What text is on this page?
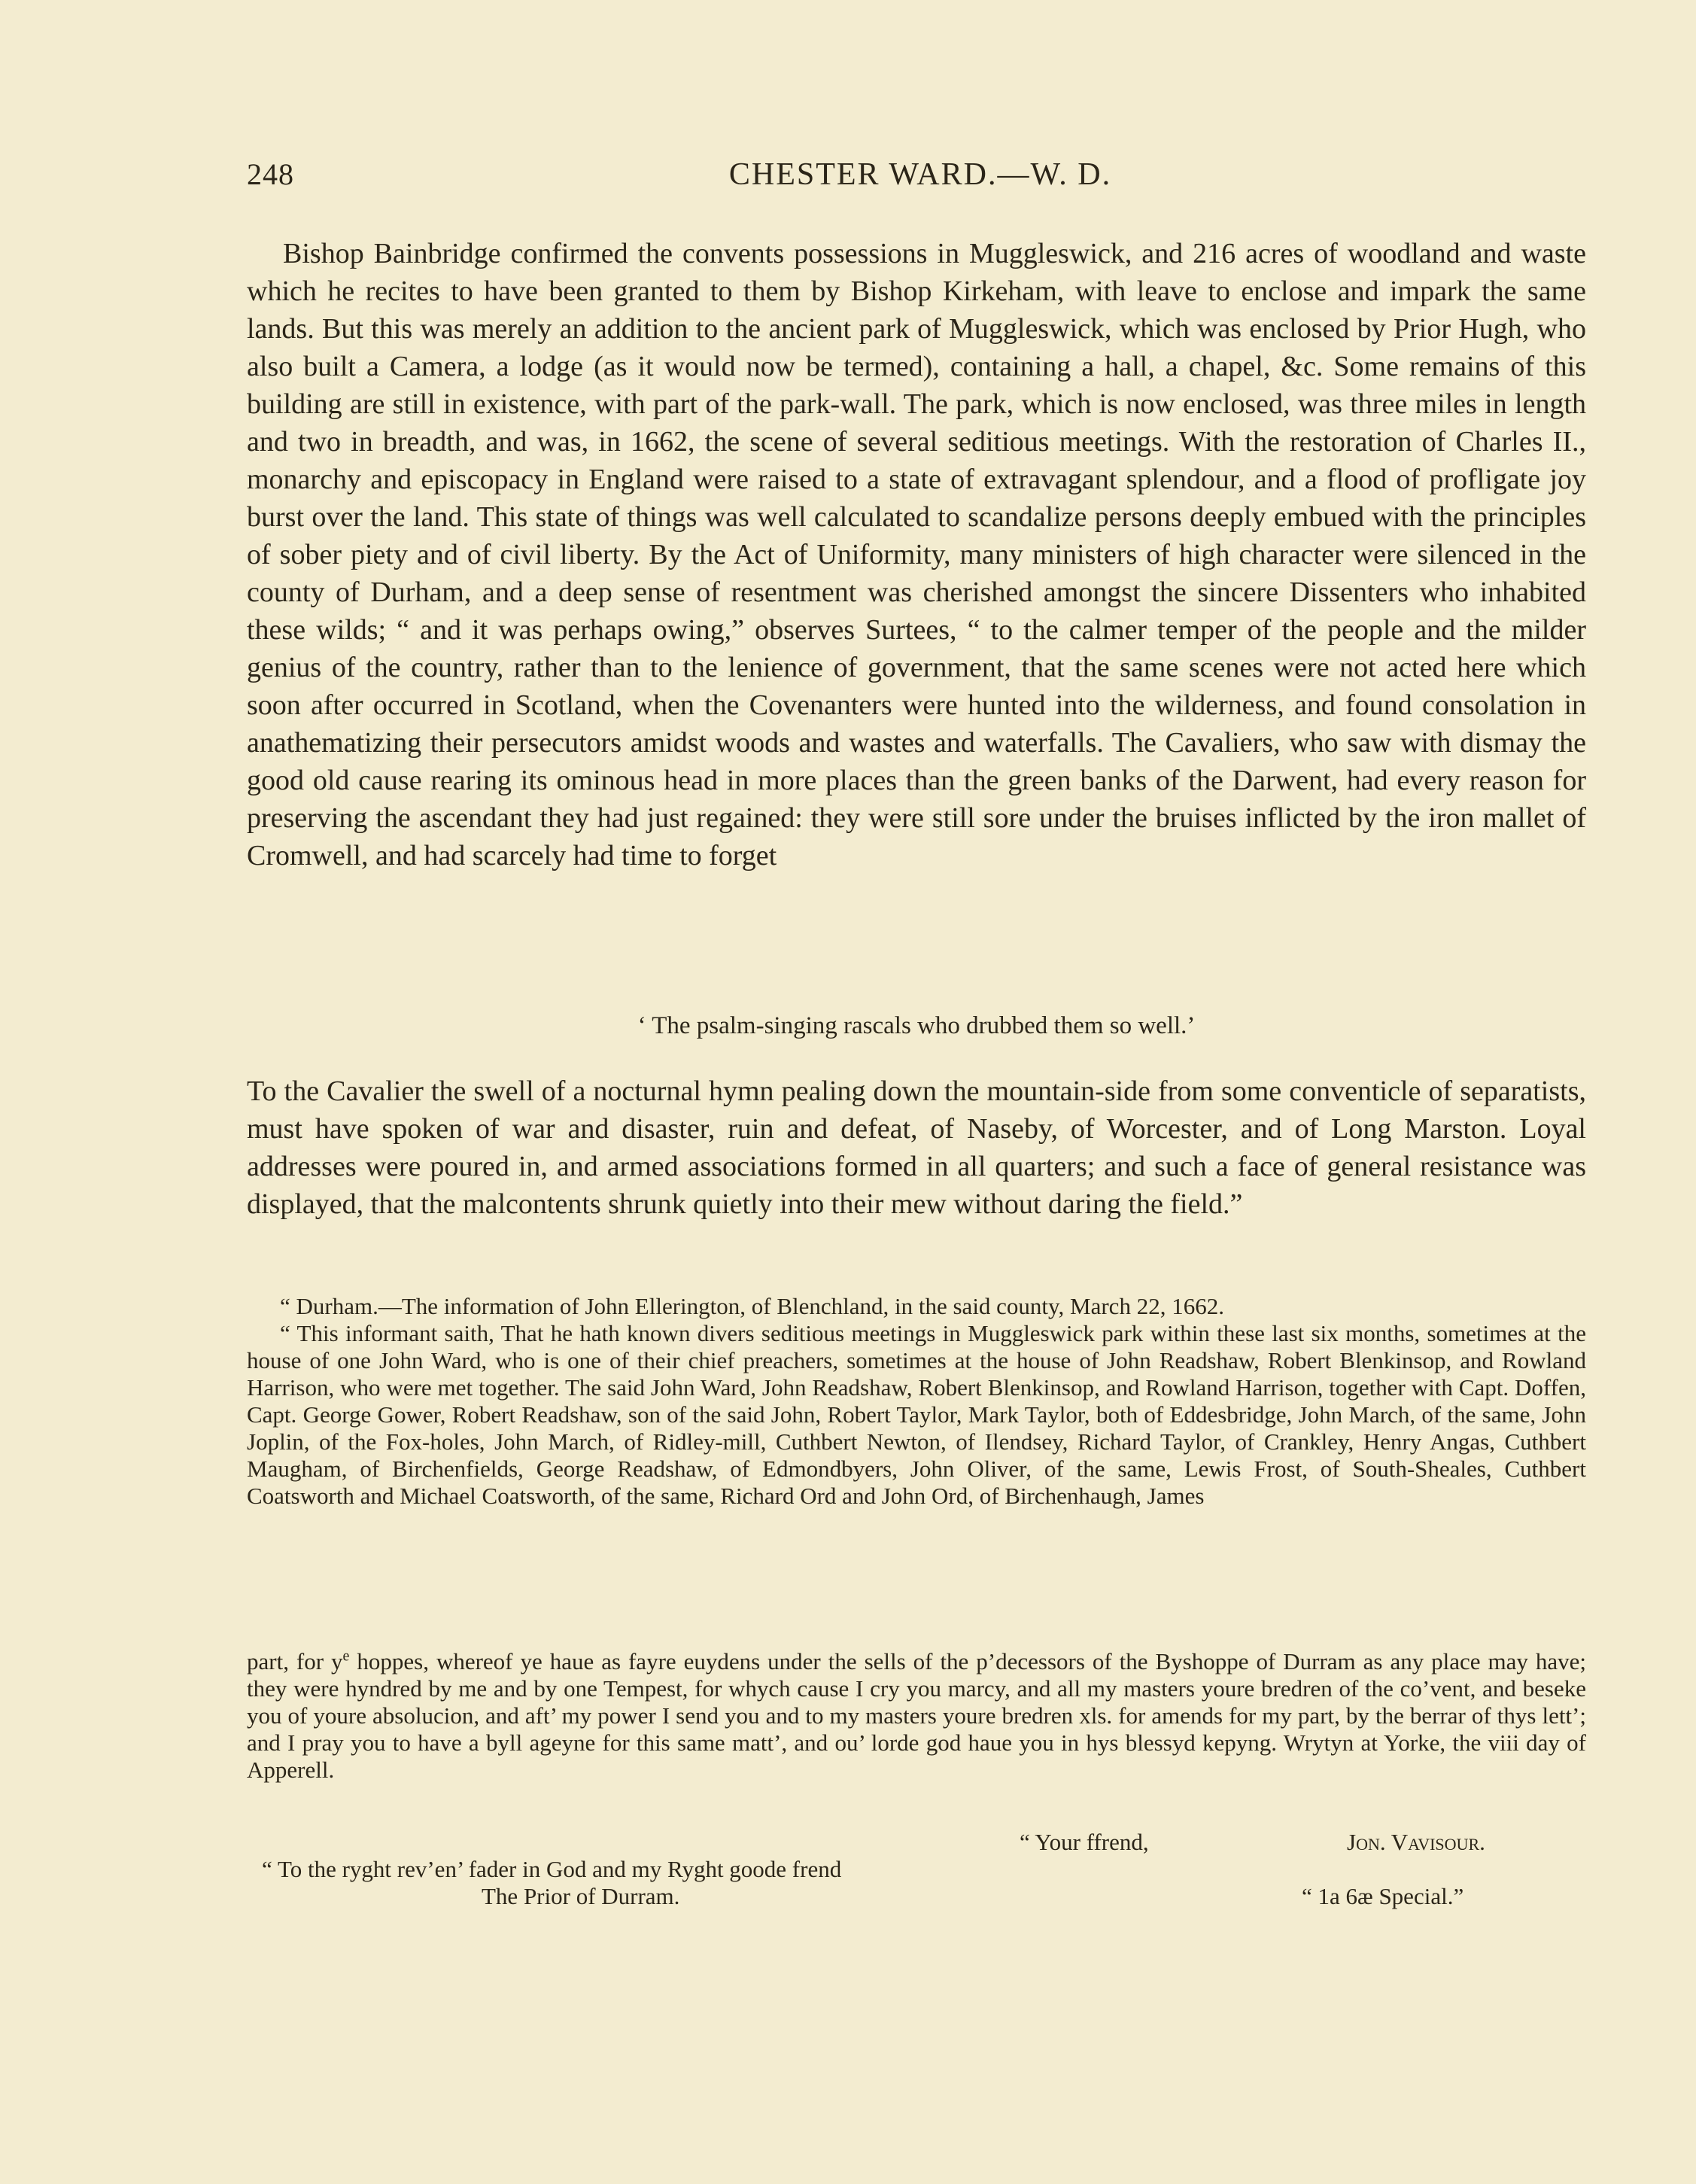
248	CHESTER WARD.—W. D.

Bishop Bainbridge confirmed the convents possessions in Muggleswick, and 216 acres of woodland and waste which he recites to have been granted to them by Bishop Kirkeham, with leave to enclose and impark the same lands. But this was merely an addition to the ancient park of Muggleswick, which was enclosed by Prior Hugh, who also built a Camera, a lodge (as it would now be termed), containing a hall, a chapel, &c. Some remains of this building are still in existence, with part of the park-wall. The park, which is now enclosed, was three miles in length and two in breadth, and was, in 1662, the scene of several seditious meetings. With the restoration of Charles II., monarchy and episcopacy in England were raised to a state of extravagant splendour, and a flood of profligate joy burst over the land. This state of things was well calculated to scandalize persons deeply embued with the principles of sober piety and of civil liberty. By the Act of Uniformity, many ministers of high character were silenced in the county of Durham, and a deep sense of resentment was cherished amongst the sincere Dissenters who inhabited these wilds; “ and it was perhaps owing,” observes Surtees, “ to the calmer temper of the people and the milder genius of the country, rather than to the lenience of government, that the same scenes were not acted here which soon after occurred in Scotland, when the Covenanters were hunted into the wilderness, and found consolation in anathematizing their persecutors amidst woods and wastes and waterfalls. The Cavaliers, who saw with dismay the good old cause rearing its ominous head in more places than the green banks of the Darwent, had every reason for preserving the ascendant they had just regained: they were still sore under the bruises inflicted by the iron mallet of Cromwell, and had scarcely had time to forget

‘ The psalm-singing rascals who drubbed them so well.’

To the Cavalier the swell of a nocturnal hymn pealing down the mountain-side from some conventicle of separatists, must have spoken of war and disaster, ruin and defeat, of Naseby, of Worcester, and of Long Marston. Loyal addresses were poured in, and armed associations formed in all quarters; and such a face of general resistance was displayed, that the malcontents shrunk quietly into their mew without daring the field.”

“ Durham.—The information of John Ellerington, of Blenchland, in the said county, March 22, 1662.

“ This informant saith, That he hath known divers seditious meetings in Muggleswick park within these last six months, sometimes at the house of one John Ward, who is one of their chief preachers, sometimes at the house of John Readshaw, Robert Blenkinsop, and Rowland Harrison, who were met together. The said John Ward, John Readshaw, Robert Blenkinsop, and Rowland Harrison, together with Capt. Doffen, Capt. George Gower, Robert Readshaw, son of the said John, Robert Taylor, Mark Taylor, both of Eddesbridge, John March, of the same, John Joplin, of the Fox-holes, John March, of Ridley-mill, Cuthbert Newton, of Ilendsey, Richard Taylor, of Crankley, Henry Angas, Cuthbert Maugham, of Birchenfields, George Readshaw, of Edmondbyers, John Oliver, of the same, Lewis Frost, of South-Sheales, Cuthbert Coatsworth and Michael Coatsworth, of the same, Richard Ord and John Ord, of Birchenhaugh, James

part, for $y^e$ hoppes, whereof ye haue as fayre euydens under the sells of the p’decessors of the Byshoppe of Durram as any place may have; they were hyndred by me and by one Tempest, for whych cause I cry you marcy, and all my masters youre bredren of the co’vent, and beseke you of youre absolucion, and aft’ my power I send you and to my masters youre bredren xls. for amends for my part, by the berrar of thys lett’; and I pray you to have a byll ageyne for this same matt’, and ou’ lorde god haue you in hys blessyd kepyng. Wrytyn at Yorke, the viii day of Apperell.

“ Your ffrend,	Jon. Vavisour.
“ To the ryght rev’en’ fader in God and my Ryght goode frend
The Prior of Durram.	“ 1a 6æ Special.”
